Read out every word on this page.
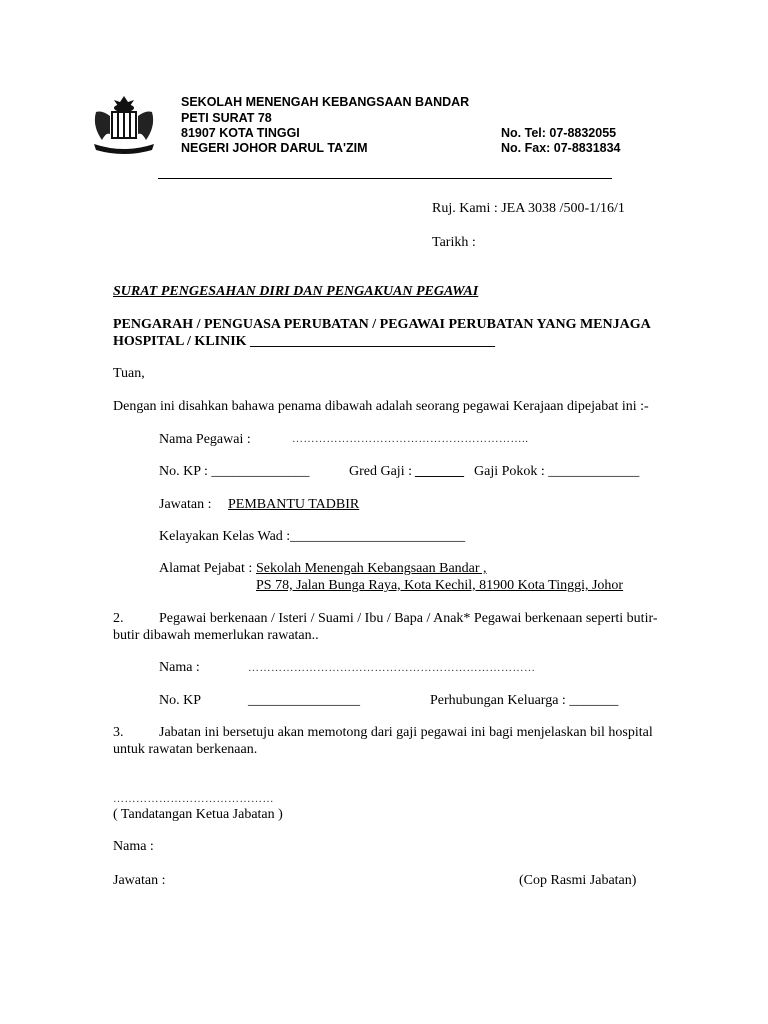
SEKOLAH MENENGAH KEBANGSAAN BANDAR
PETI SURAT 78
81907 KOTA TINGGI
NEGERI JOHOR DARUL TA'ZIM
No. Tel: 07-8832055
No. Fax: 07-8831834
Ruj. Kami : JEA 3038 /500-1/16/1
Tarikh :
SURAT PENGESAHAN DIRI DAN PENGAKUAN PEGAWAI
PENGARAH / PENGUASA PERUBATAN / PEGAWAI PERUBATAN YANG MENJAGA
HOSPITAL / KLINIK ___________________________________
Tuan,
Dengan ini disahkan bahawa penama dibawah adalah seorang pegawai Kerajaan dipejabat ini :-
Nama Pegawai :	……………………………………………………..
No. KP : ______________	Gred Gaji : _______ Gaji Pokok : _____________
Jawatan : PEMBANTU TADBIR
Kelayakan Kelas Wad :_________________________
Alamat Pejabat : Sekolah Menengah Kebangsaan Bandar ,
PS 78, Jalan Bunga Raya, Kota Kechil, 81900 Kota Tinggi, Johor
2.	Pegawai berkenaan / Isteri / Suami / Ibu / Bapa / Anak* Pegawai berkenaan seperti butir-
butir dibawah memerlukan rawatan..
Nama :	…………………………………………………………………
No. KP	________________	Perhubungan Keluarga : _______
3.	Jabatan ini bersetuju akan memotong dari gaji pegawai ini bagi menjelaskan bil hospital
untuk rawatan berkenaan.
……………………………………
( Tandatangan Ketua Jabatan )
Nama :
Jawatan :	(Cop Rasmi Jabatan)
